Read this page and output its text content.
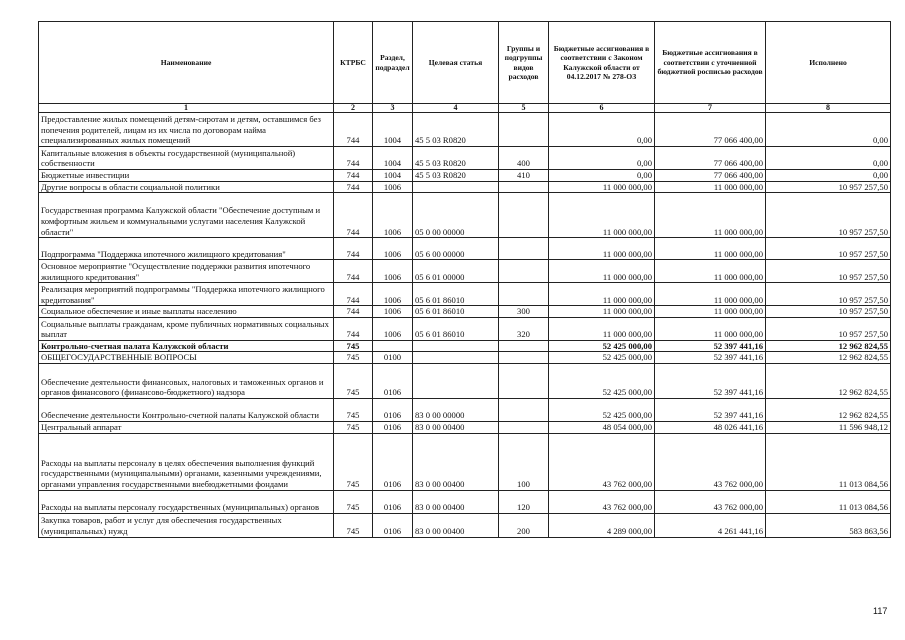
Наименование	КТРБС	Раздел, подраздел	Целевая статья	Группы и подгруппы видов расходов	Бюджетные ассигнования в соответствии с Законом Калужской области от 04.12.2017 № 278-ОЗ	Бюджетные ассигнования в соответствии с уточненной бюджетной росписью расходов	Исполнено
1	2	3	4	5	6	7	8
Предоставление жилых помещений детям-сиротам и детям, оставшимся без попечения родителей, лицам из их числа по договорам найма специализированных жилых помещений	744	1004	45 5 03 R0820		0,00	77 066 400,00	0,00
Капитальные вложения в объекты государственной (муниципальной) собственности	744	1004	45 5 03 R0820	400	0,00	77 066 400,00	0,00
Бюджетные инвестиции	744	1004	45 5 03 R0820	410	0,00	77 066 400,00	0,00
Другие вопросы в области социальной политики	744	1006			11 000 000,00	11 000 000,00	10 957 257,50
Государственная программа Калужской области "Обеспечение доступным и комфортным жильем и коммунальными услугами населения Калужской области"	744	1006	05 0 00 00000		11 000 000,00	11 000 000,00	10 957 257,50
Подпрограмма "Поддержка ипотечного жилищного кредитования"	744	1006	05 6 00 00000		11 000 000,00	11 000 000,00	10 957 257,50
Основное мероприятие "Осуществление поддержки развития ипотечного жилищного кредитования"	744	1006	05 6 01 00000		11 000 000,00	11 000 000,00	10 957 257,50
Реализация мероприятий подпрограммы "Поддержка ипотечного жилищного кредитования"	744	1006	05 6 01 86010		11 000 000,00	11 000 000,00	10 957 257,50
Социальное обеспечение и иные выплаты населению	744	1006	05 6 01 86010	300	11 000 000,00	11 000 000,00	10 957 257,50
Социальные выплаты гражданам, кроме публичных нормативных социальных выплат	744	1006	05 6 01 86010	320	11 000 000,00	11 000 000,00	10 957 257,50
Контрольно-счетная палата Калужской области	745				52 425 000,00	52 397 441,16	12 962 824,55
ОБЩЕГОСУДАРСТВЕННЫЕ ВОПРОСЫ	745	0100			52 425 000,00	52 397 441,16	12 962 824,55
Обеспечение деятельности финансовых, налоговых и таможенных органов и органов финансового (финансово-бюджетного) надзора	745	0106			52 425 000,00	52 397 441,16	12 962 824,55
Обеспечение деятельности Контрольно-счетной палаты Калужской области	745	0106	83 0 00 00000		52 425 000,00	52 397 441,16	12 962 824,55
Центральный аппарат	745	0106	83 0 00 00400		48 054 000,00	48 026 441,16	11 596 948,12
Расходы на выплаты персоналу в целях обеспечения выполнения функций государственными (муниципальными) органами, казенными учреждениями, органами управления государственными внебюджетными фондами	745	0106	83 0 00 00400	100	43 762 000,00	43 762 000,00	11 013 084,56
Расходы на выплаты персоналу государственных (муниципальных) органов	745	0106	83 0 00 00400	120	43 762 000,00	43 762 000,00	11 013 084,56
Закупка товаров, работ и услуг для обеспечения государственных (муниципальных) нужд	745	0106	83 0 00 00400	200	4 289 000,00	4 261 441,16	583 863,56
117
